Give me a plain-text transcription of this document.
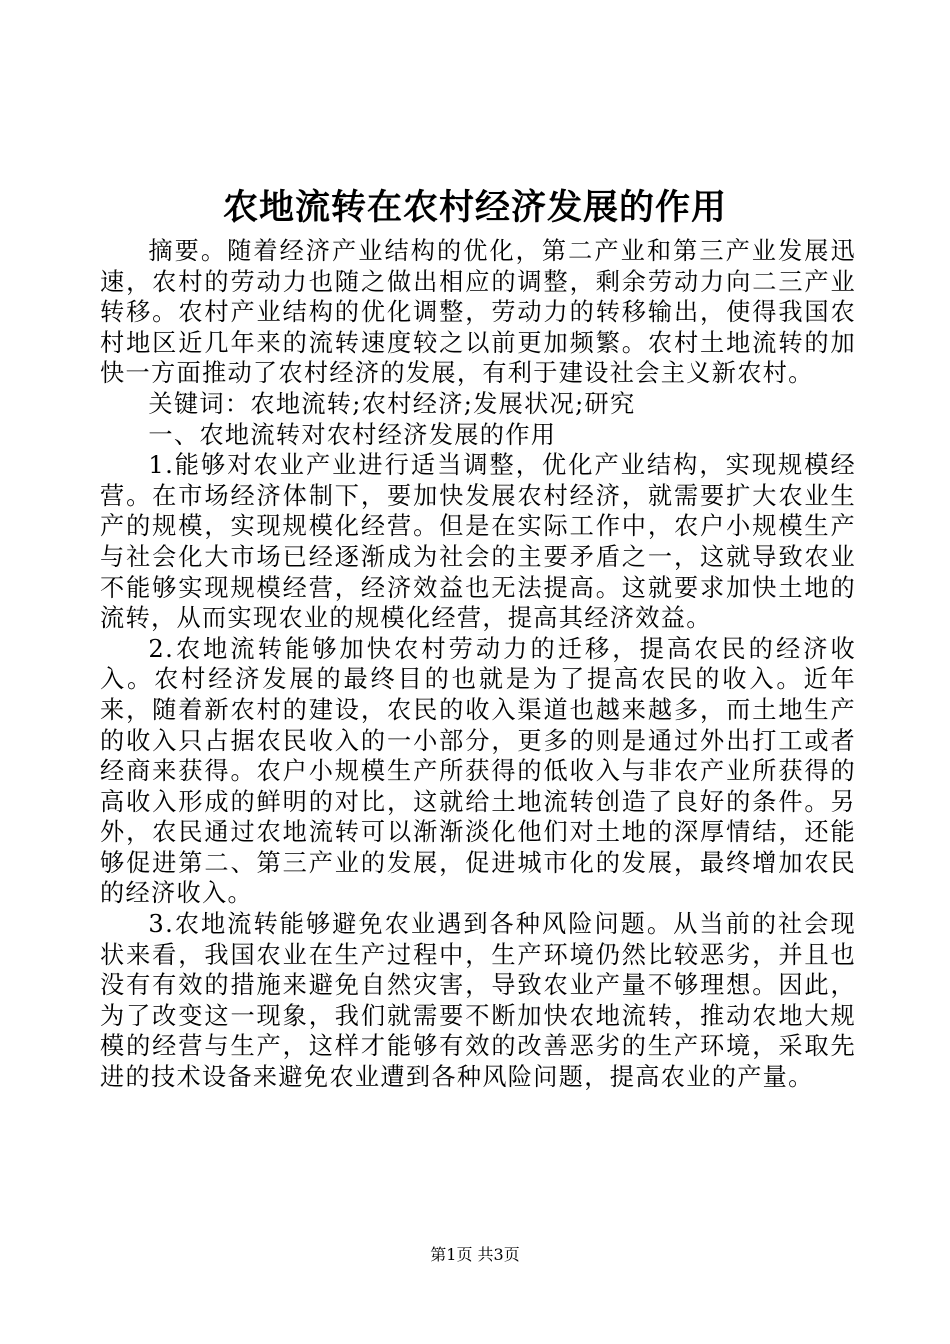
农地流转在农村经济发展的作用

摘要。随着经济产业结构的优化，第二产业和第三产业发展迅速，农村的劳动力也随之做出相应的调整，剩余劳动力向二三产业转移。农村产业结构的优化调整，劳动力的转移输出，使得我国农村地区近几年来的流转速度较之以前更加频繁。农村土地流转的加快一方面推动了农村经济的发展，有利于建设社会主义新农村。

关键词：农地流转;农村经济;发展状况;研究

一、农地流转对农村经济发展的作用

1.能够对农业产业进行适当调整，优化产业结构，实现规模经营。在市场经济体制下，要加快发展农村经济，就需要扩大农业生产的规模，实现规模化经营。但是在实际工作中，农户小规模生产与社会化大市场已经逐渐成为社会的主要矛盾之一，这就导致农业不能够实现规模经营，经济效益也无法提高。这就要求加快土地的流转，从而实现农业的规模化经营，提高其经济效益。

2.农地流转能够加快农村劳动力的迁移，提高农民的经济收入。农村经济发展的最终目的也就是为了提高农民的收入。近年来，随着新农村的建设，农民的收入渠道也越来越多，而土地生产的收入只占据农民收入的一小部分，更多的则是通过外出打工或者经商来获得。农户小规模生产所获得的低收入与非农产业所获得的高收入形成的鲜明的对比，这就给土地流转创造了良好的条件。另外，农民通过农地流转可以渐渐淡化他们对土地的深厚情结，还能够促进第二、第三产业的发展，促进城市化的发展，最终增加农民的经济收入。

3.农地流转能够避免农业遇到各种风险问题。从当前的社会现状来看，我国农业在生产过程中，生产环境仍然比较恶劣，并且也没有有效的措施来避免自然灾害，导致农业产量不够理想。因此，为了改变这一现象，我们就需要不断加快农地流转，推动农地大规模的经营与生产，这样才能够有效的改善恶劣的生产环境，采取先进的技术设备来避免农业遭到各种风险问题，提高农业的产量。

第1页 共3页
